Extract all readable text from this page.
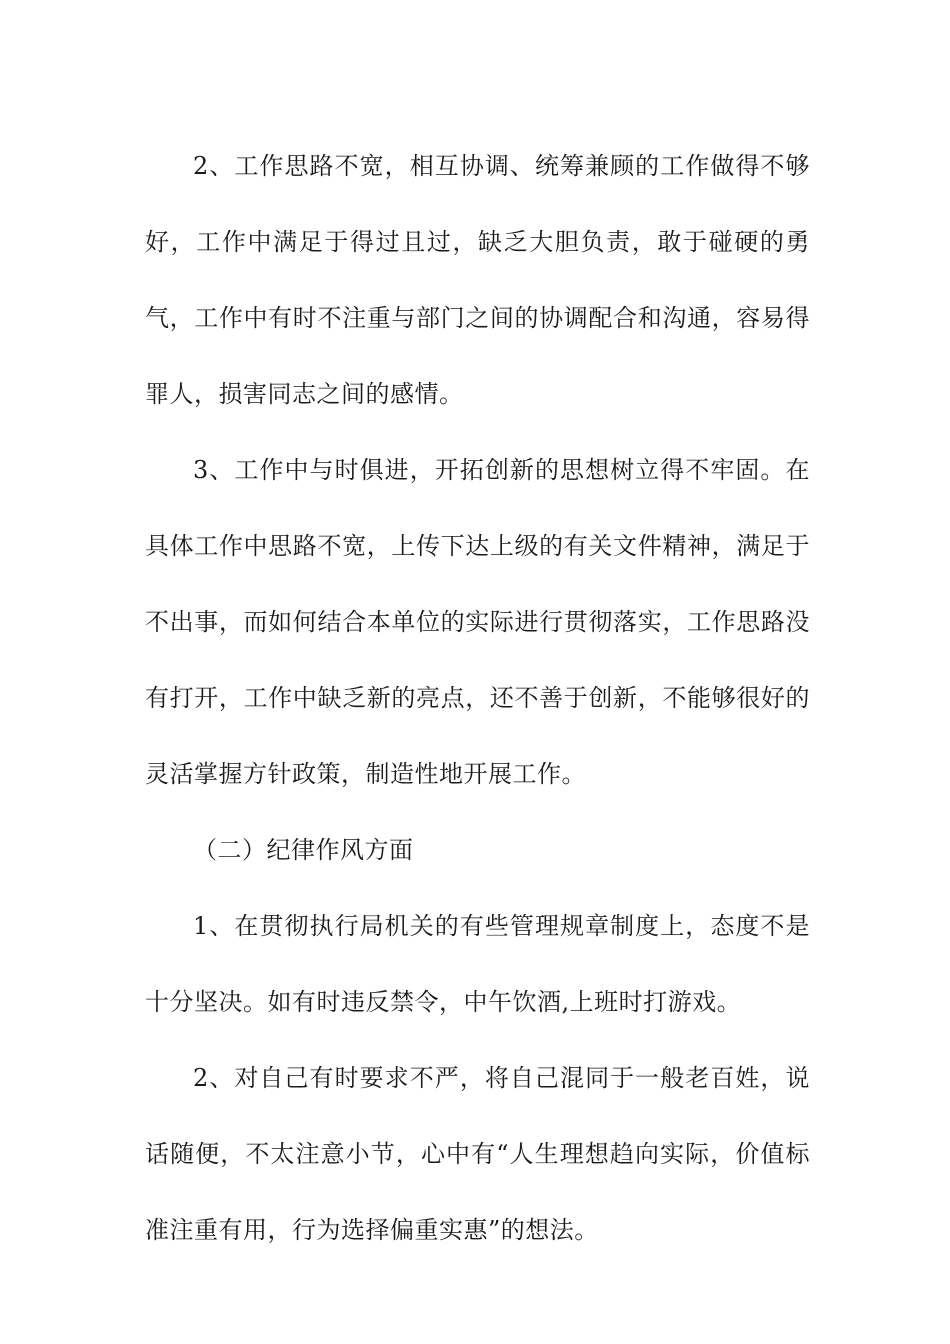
2、工作思路不宽，相互协调、统筹兼顾的工作做得不够好，工作中满足于得过且过，缺乏大胆负责，敢于碰硬的勇气，工作中有时不注重与部门之间的协调配合和沟通，容易得罪人，损害同志之间的感情。

3、工作中与时俱进，开拓创新的思想树立得不牢固。在具体工作中思路不宽，上传下达上级的有关文件精神，满足于不出事，而如何结合本单位的实际进行贯彻落实，工作思路没有打开，工作中缺乏新的亮点，还不善于创新，不能够很好的灵活掌握方针政策，制造性地开展工作。

（二）纪律作风方面

1、在贯彻执行局机关的有些管理规章制度上，态度不是十分坚决。如有时违反禁令，中午饮酒,上班时打游戏。

2、对自己有时要求不严，将自己混同于一般老百姓，说话随便，不太注意小节，心中有“人生理想趋向实际，价值标准注重有用，行为选择偏重实惠”的想法。
